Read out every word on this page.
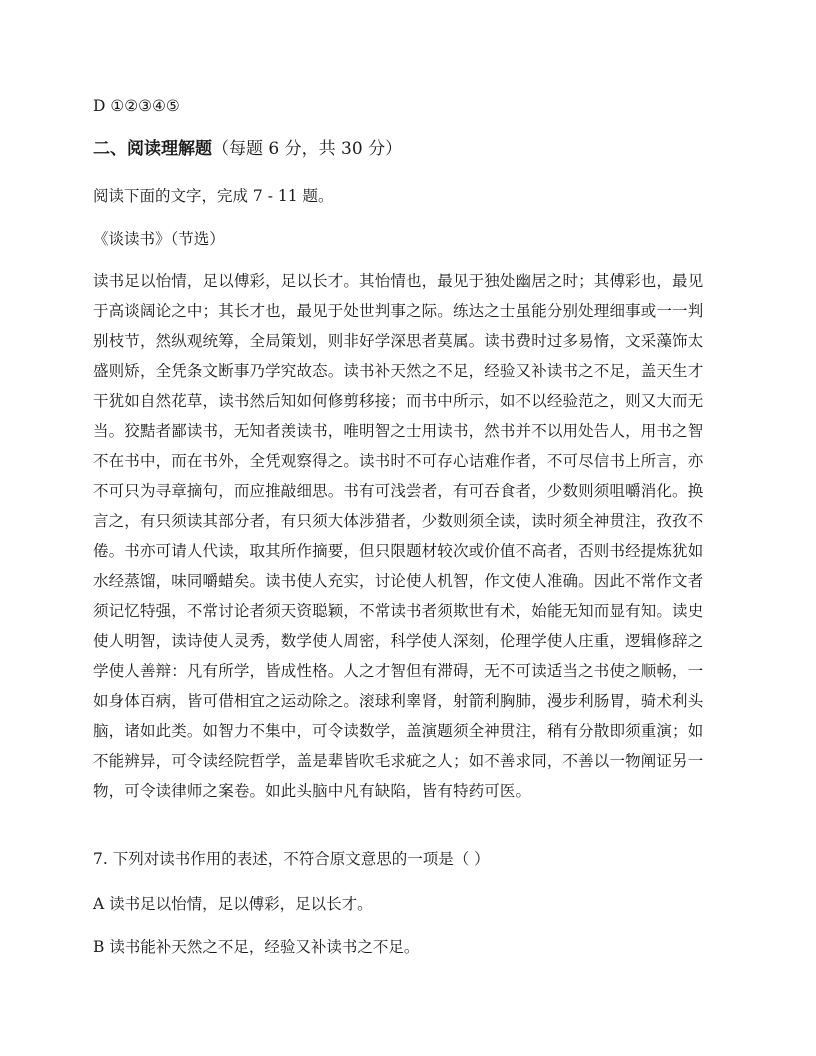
D ①②③④⑤
二、阅读理解题（每题 6 分，共 30 分）
阅读下面的文字，完成 7 - 11 题。
《谈读书》（节选）
读书足以怡情，足以傅彩，足以长才。其怡情也，最见于独处幽居之时；其傅彩也，最见
于高谈阔论之中；其长才也，最见于处世判事之际。练达之士虽能分别处理细事或一一判
别枝节，然纵观统筹，全局策划，则非好学深思者莫属。读书费时过多易惰，文采藻饰太
盛则矫，全凭条文断事乃学究故态。读书补天然之不足，经验又补读书之不足，盖天生才
干犹如自然花草，读书然后知如何修剪移接；而书中所示，如不以经验范之，则又大而无
当。狡黠者鄙读书，无知者羡读书，唯明智之士用读书，然书并不以用处告人，用书之智
不在书中，而在书外，全凭观察得之。读书时不可存心诘难作者，不可尽信书上所言，亦
不可只为寻章摘句，而应推敲细思。书有可浅尝者，有可吞食者，少数则须咀嚼消化。换
言之，有只须读其部分者，有只须大体涉猎者，少数则须全读，读时须全神贯注，孜孜不
倦。书亦可请人代读，取其所作摘要，但只限题材较次或价值不高者，否则书经提炼犹如
水经蒸馏，味同嚼蜡矣。读书使人充实，讨论使人机智，作文使人准确。因此不常作文者
须记忆特强，不常讨论者须天资聪颖，不常读书者须欺世有术，始能无知而显有知。读史
使人明智，读诗使人灵秀，数学使人周密，科学使人深刻，伦理学使人庄重，逻辑修辞之
学使人善辩：凡有所学，皆成性格。人之才智但有滞碍，无不可读适当之书使之顺畅，一
如身体百病，皆可借相宜之运动除之。滚球利睾肾，射箭利胸肺，漫步利肠胃，骑术利头
脑，诸如此类。如智力不集中，可令读数学，盖演题须全神贯注，稍有分散即须重演；如
不能辨异，可令读经院哲学，盖是辈皆吹毛求疵之人；如不善求同，不善以一物阐证另一
物，可令读律师之案卷。如此头脑中凡有缺陷，皆有特药可医。
7. 下列对读书作用的表述，不符合原文意思的一项是（ ）
A 读书足以怡情，足以傅彩，足以长才。
B 读书能补天然之不足，经验又补读书之不足。
